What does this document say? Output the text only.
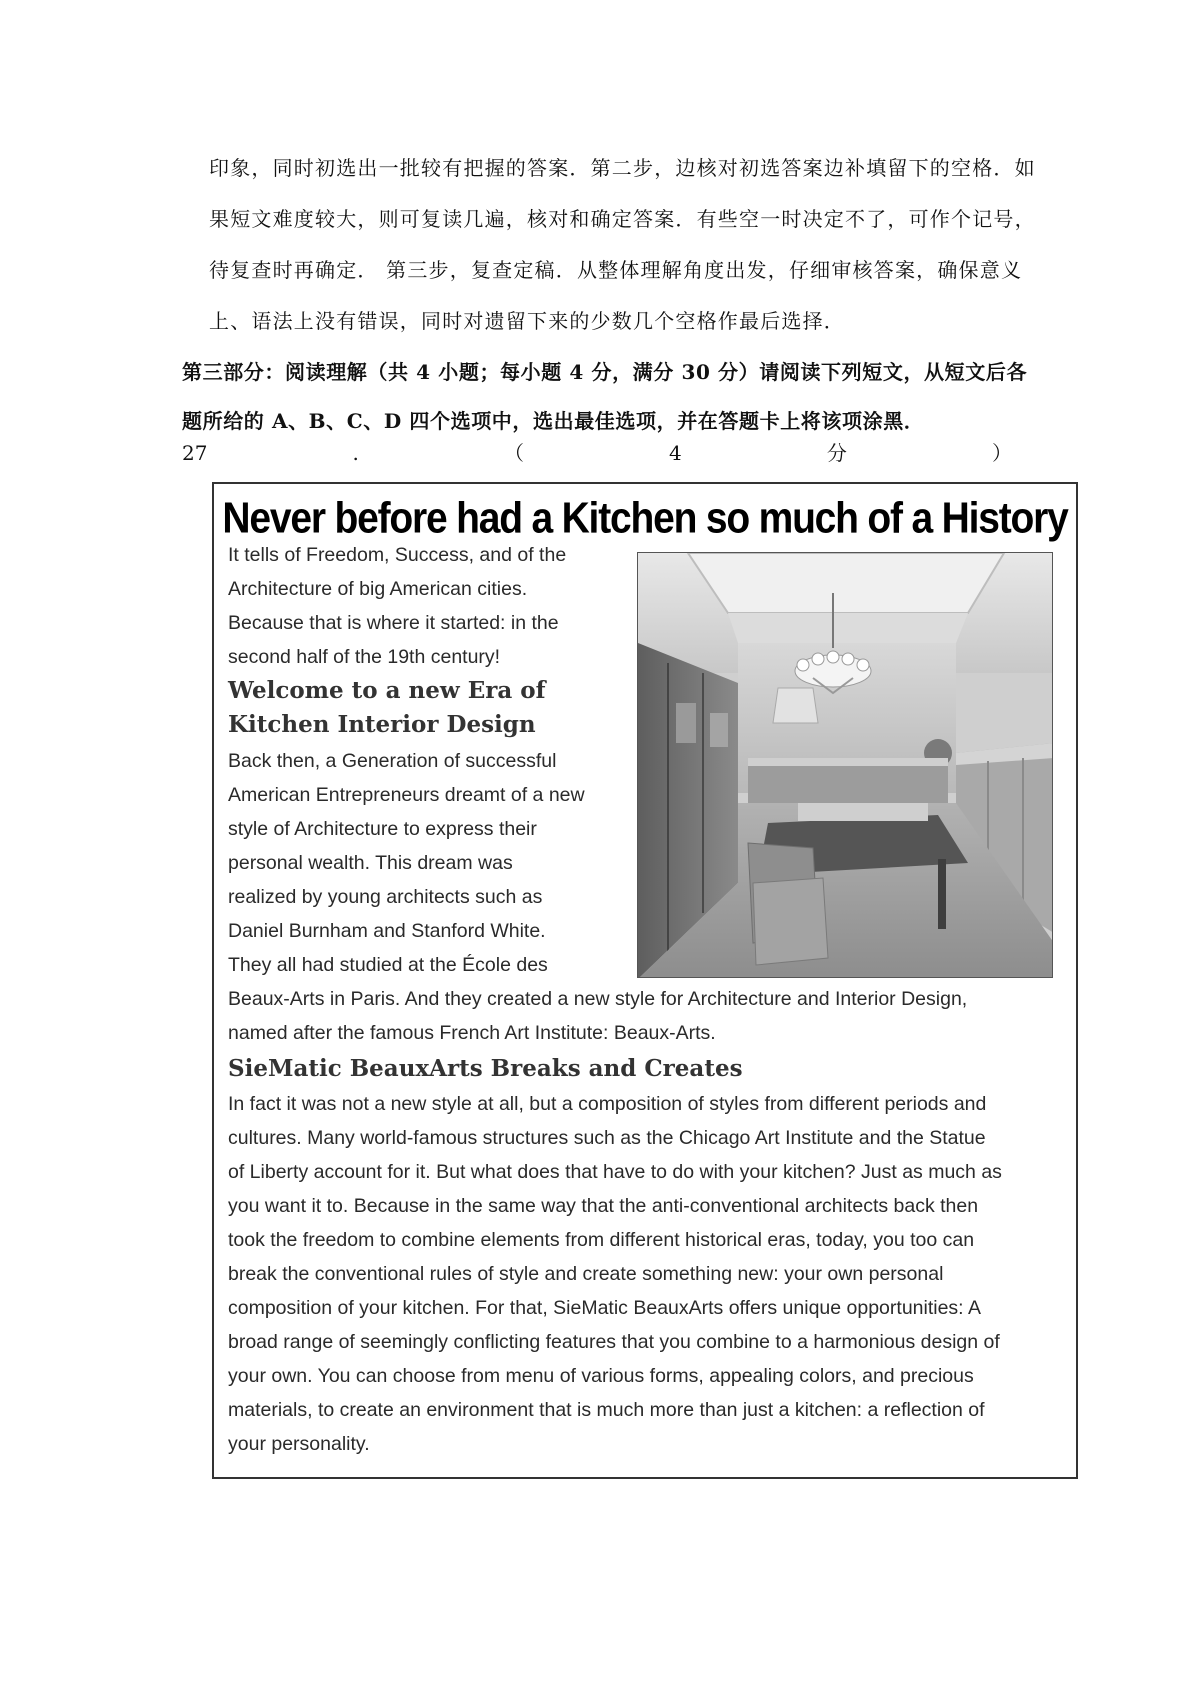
印象，同时初选出一批较有把握的答案．第二步，边核对初选答案边补填留下的空格．如
果短文难度较大，则可复读几遍，核对和确定答案．有些空一时决定不了，可作个记号，
待复查时再确定． 第三步，复查定稿．从整体理解角度出发，仔细审核答案，确保意义
上、语法上没有错误，同时对遗留下来的少数几个空格作最后选择．
第三部分：阅读理解（共 4 小题；每小题 4 分，满分 30 分）请阅读下列短文，从短文后各
题所给的 A、B、C、D 四个选项中，选出最佳选项，并在答题卡上将该项涂黑．
27	.	（	4	分	）
Never before had a Kitchen so much of a History
It tells of Freedom, Success, and of the
Architecture of big American cities.
Because that is where it started: in the
second half of the 19th century!
Welcome to a new Era of
Kitchen Interior Design
Back then, a Generation of successful
American Entrepreneurs dreamt of a new
style of Architecture to express their
personal wealth. This dream was
realized by young architects such as
Daniel Burnham and Stanford White.
They all had studied at the École des
Beaux-Arts in Paris. And they created a new style for Architecture and Interior Design,
named after the famous French Art Institute: Beaux-Arts.
SieMatic BeauxArts Breaks and Creates
In fact it was not a new style at all, but a composition of styles from different periods and
cultures. Many world-famous structures such as the Chicago Art Institute and the Statue
of Liberty account for it. But what does that have to do with your kitchen? Just as much as
you want it to. Because in the same way that the anti-conventional architects back then
took the freedom to combine elements from different historical eras, today, you too can
break the conventional rules of style and create something new: your own personal
composition of your kitchen. For that, SieMatic BeauxArts offers unique opportunities: A
broad range of seemingly conflicting features that you combine to a harmonious design of
your own. You can choose from menu of various forms, appealing colors, and precious
materials, to create an environment that is much more than just a kitchen: a reflection of
your personality.
